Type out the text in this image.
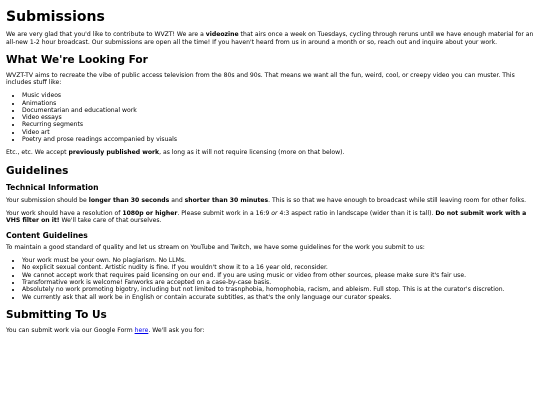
Submissions

We are very glad that you'd like to contribute to WVZT! We are a videozine that airs once a week on Tuesdays, cycling through reruns until we have enough material for an all-new 1-2 hour broadcast. Our submissions are open all the time! If you haven't heard from us in around a month or so, reach out and inquire about your work.

What We're Looking For

WVZT-TV aims to recreate the vibe of public access television from the 80s and 90s. That means we want all the fun, weird, cool, or creepy video you can muster. This includes stuff like:

• Music videos
• Animations
• Documentarian and educational work
• Video essays
• Recurring segments
• Video art
• Poetry and prose readings accompanied by visuals

Etc., etc. We accept previously published work, as long as it will not require licensing (more on that below).

Guidelines
Technical Information

Your submission should be longer than 30 seconds and shorter than 30 minutes. This is so that we have enough to broadcast while still leaving room for other folks.

Your work should have a resolution of 1080p or higher. Please submit work in a 16:9 or 4:3 aspect ratio in landscape (wider than it is tall). Do not submit work with a VHS filter on it! We'll take care of that ourselves.

Content Guidelines

To maintain a good standard of quality and let us stream on YouTube and Twitch, we have some guidelines for the work you submit to us:

• Your work must be your own. No plagiarism. No LLMs.
• No explicit sexual content. Artistic nudity is fine. If you wouldn't show it to a 16 year old, reconsider.
• We cannot accept work that requires paid licensing on our end. If you are using music or video from other sources, please make sure it's fair use.
• Transformative work is welcome! Fanworks are accepted on a case-by-case basis.
• Absolutely no work promoting bigotry, including but not limited to trasnphobia, homophobia, racism, and ableism. Full stop. This is at the curator's discretion.
• We currently ask that all work be in English or contain accurate subtitles, as that's the only language our curator speaks.
Submitting To Us

You can submit work via our Google Form here. We'll ask you for:
